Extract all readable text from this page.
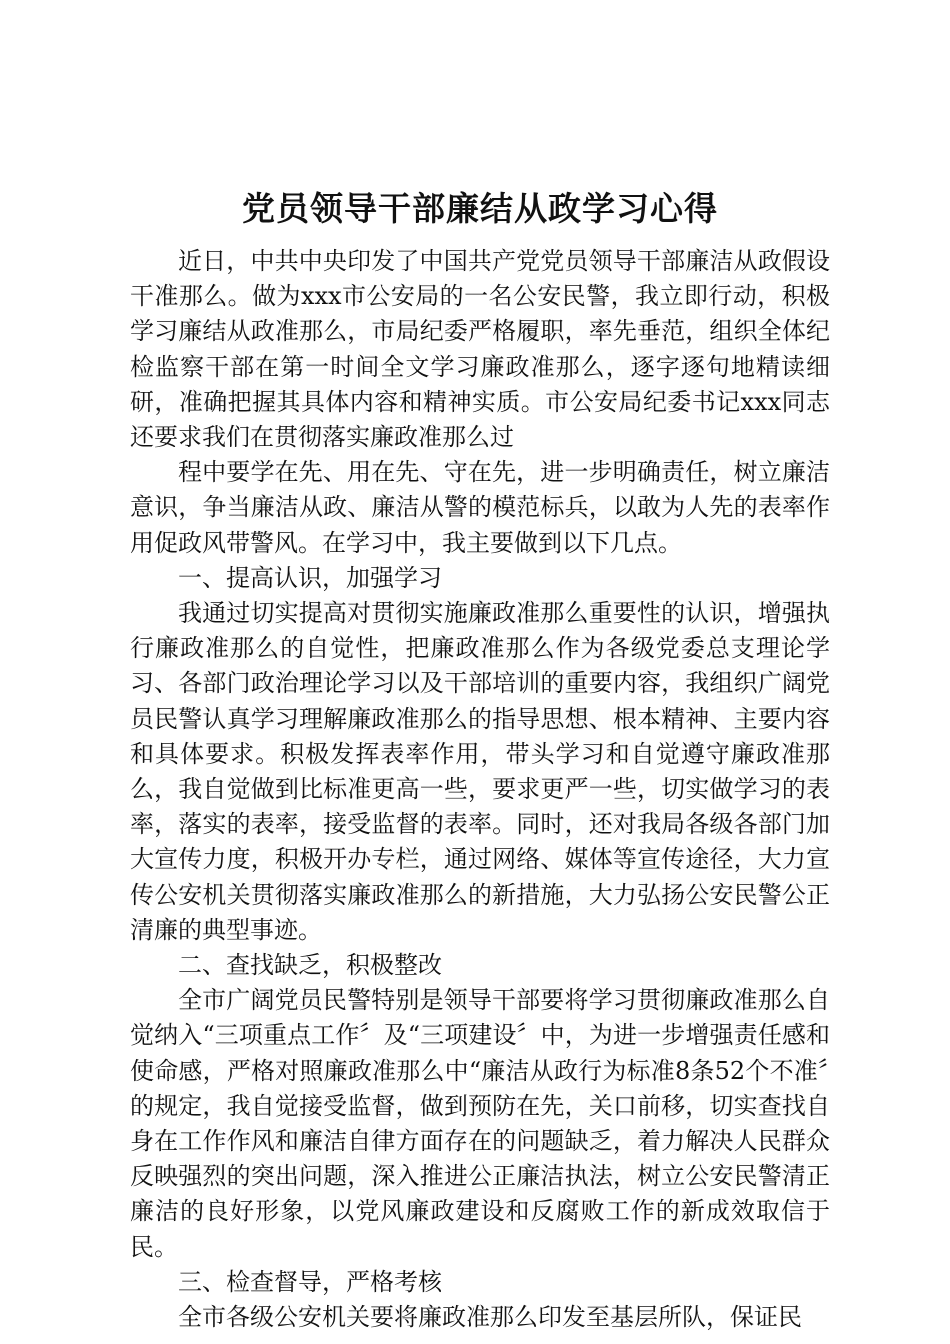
党员领导干部廉结从政学习心得

近日，中共中央印发了中国共产党党员领导干部廉洁从政假设干准那么。做为xxx市公安局的一名公安民警，我立即行动，积极学习廉结从政准那么，市局纪委严格履职，率先垂范，组织全体纪检监察干部在第一时间全文学习廉政准那么，逐字逐句地精读细研，准确把握其具体内容和精神实质。市公安局纪委书记xxx同志还要求我们在贯彻落实廉政准那么过

程中要学在先、用在先、守在先，进一步明确责任，树立廉洁意识，争当廉洁从政、廉洁从警的模范标兵，以敢为人先的表率作用促政风带警风。在学习中，我主要做到以下几点。

一、提高认识，加强学习

我通过切实提高对贯彻实施廉政准那么重要性的认识，增强执行廉政准那么的自觉性，把廉政准那么作为各级党委总支理论学习、各部门政治理论学习以及干部培训的重要内容，我组织广阔党员民警认真学习理解廉政准那么的指导思想、根本精神、主要内容和具体要求。积极发挥表率作用，带头学习和自觉遵守廉政准那么，我自觉做到比标准更高一些，要求更严一些，切实做学习的表率，落实的表率，接受监督的表率。同时，还对我局各级各部门加大宣传力度，积极开办专栏，通过网络、媒体等宣传途径，大力宣传公安机关贯彻落实廉政准那么的新措施，大力弘扬公安民警公正清廉的典型事迹。

二、查找缺乏，积极整改

全市广阔党员民警特别是领导干部要将学习贯彻廉政准那么自觉纳入“三项重点工作〞及“三项建设〞中，为进一步增强责任感和使命感，严格对照廉政准那么中“廉洁从政行为标准8条52个不准〞的规定，我自觉接受监督，做到预防在先，关口前移，切实查找自身在工作作风和廉洁自律方面存在的问题缺乏，着力解决人民群众反映强烈的突出问题，深入推进公正廉洁执法，树立公安民警清正廉洁的良好形象，以党风廉政建设和反腐败工作的新成效取信于民。

三、检查督导，严格考核

全市各级公安机关要将廉政准那么印发至基层所队，保证民
